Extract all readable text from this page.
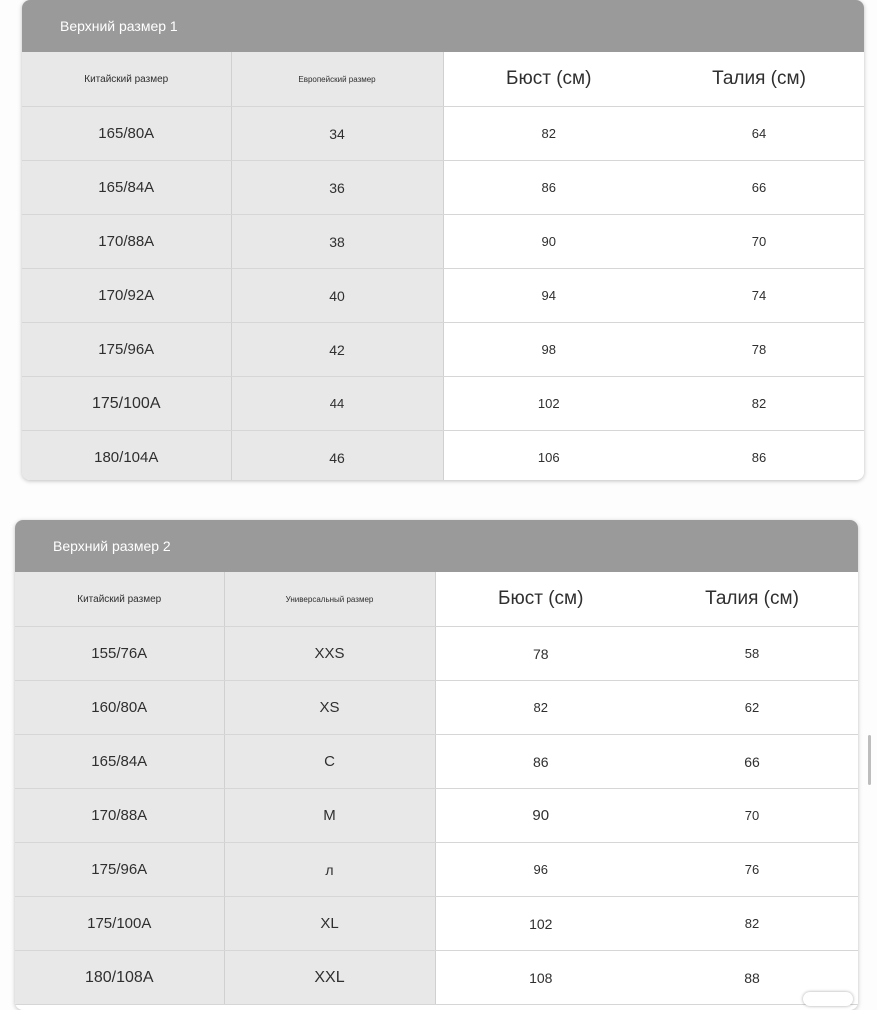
Верхний размер 1
Китайский размер	Европейский размер	Бюст (см)	Талия (см)
165/80A	34	82	64
165/84A	36	86	66
170/88A	38	90	70
170/92A	40	94	74
175/96A	42	98	78
175/100A	44	102	82
180/104A	46	106	86
Верхний размер 2
Китайский размер	Универсальный размер	Бюст (см)	Талия (см)
155/76A	XXS	78	58
160/80A	XS	82	62
165/84A	C	86	66
170/88A	M	90	70
175/96A	л	96	76
175/100A	XL	102	82
180/108A	XXL	108	88
